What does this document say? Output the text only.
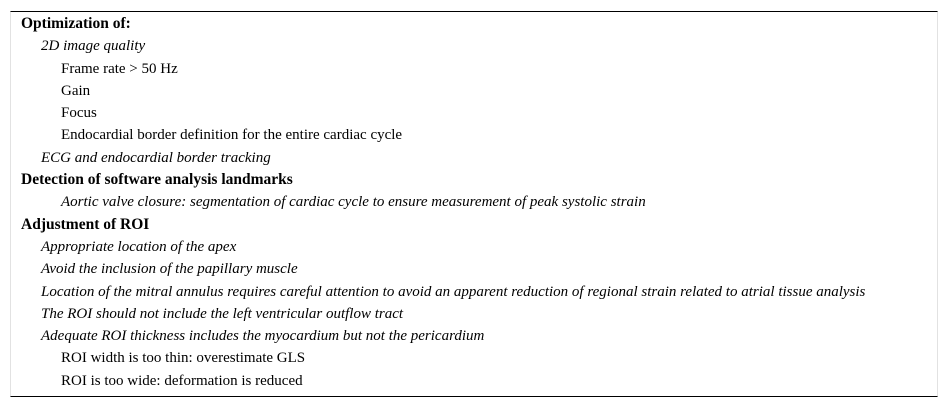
Optimization of:
2D image quality
Frame rate > 50 Hz
Gain
Focus
Endocardial border definition for the entire cardiac cycle
ECG and endocardial border tracking
Detection of software analysis landmarks
Aortic valve closure: segmentation of cardiac cycle to ensure measurement of peak systolic strain
Adjustment of ROI
Appropriate location of the apex
Avoid the inclusion of the papillary muscle
Location of the mitral annulus requires careful attention to avoid an apparent reduction of regional strain related to atrial tissue analysis
The ROI should not include the left ventricular outflow tract
Adequate ROI thickness includes the myocardium but not the pericardium
ROI width is too thin: overestimate GLS
ROI is too wide: deformation is reduced
